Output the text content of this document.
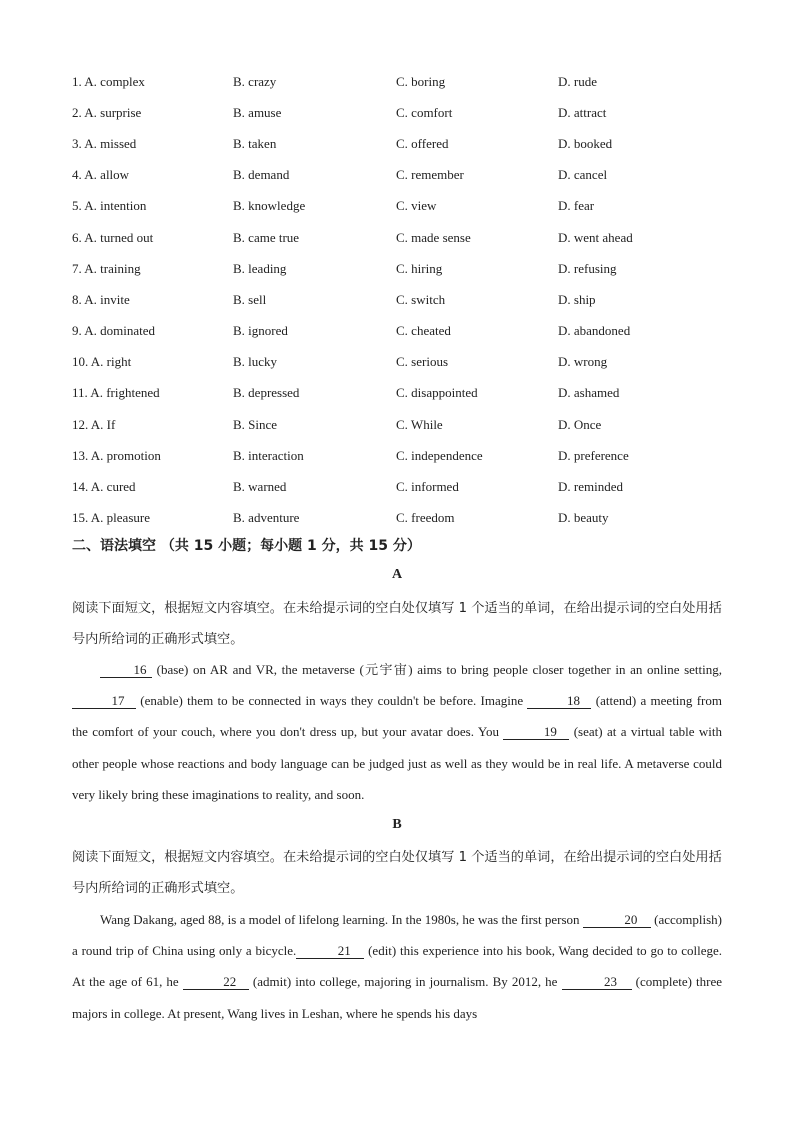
1. A. complex	B. crazy	C. boring	D. rude
2. A. surprise	B. amuse	C. comfort	D. attract
3. A. missed	B. taken	C. offered	D. booked
4. A. allow	B. demand	C. remember	D. cancel
5. A. intention	B. knowledge	C. view	D. fear
6. A. turned out	B. came true	C. made sense	D. went ahead
7. A. training	B. leading	C. hiring	D. refusing
8. A. invite	B. sell	C. switch	D. ship
9. A. dominated	B. ignored	C. cheated	D. abandoned
10. A. right	B. lucky	C. serious	D. wrong
11. A. frightened	B. depressed	C. disappointed	D. ashamed
12. A. If	B. Since	C. While	D. Once
13. A. promotion	B. interaction	C. independence	D. preference
14. A. cured	B. warned	C. informed	D. reminded
15. A. pleasure	B. adventure	C. freedom	D. beauty
二、语法填空 （共 15 小题；每小题 1 分，共 15 分）
A
阅读下面短文，根据短文内容填空。在未给提示词的空白处仅填写 1 个适当的单词，在给出提示词的空白处用括号内所给词的正确形式填空。

16 (base) on AR and VR, the metaverse (元宇宙) aims to bring people closer together in an online setting,17 (enable) them to be connected in ways they couldn't be before. Imagine	18 (attend) a meeting from the comfort of your couch, where you don't dress up, but your avatar does. You	19 (seat) at a virtual table with other people whose reactions and body language can be judged just as well as they would be in real life. A metaverse could very likely bring these imaginations to reality, and soon.

B
阅读下面短文，根据短文内容填空。在未给提示词的空白处仅填写 1 个适当的单词，在给出提示词的空白处用括号内所给词的正确形式填空。

Wang Dakang, aged 88, is a model of lifelong learning. In the 1980s, he was the first person	20 (accomplish) a round trip of China using only a bicycle.	21 (edit) this experience into his book, Wang decided to go to college. At the age of 61, he	22 (admit) into college, majoring in journalism. By 2012, he	23 (complete) three majors in college. At present, Wang lives in Leshan, where he spends his days
